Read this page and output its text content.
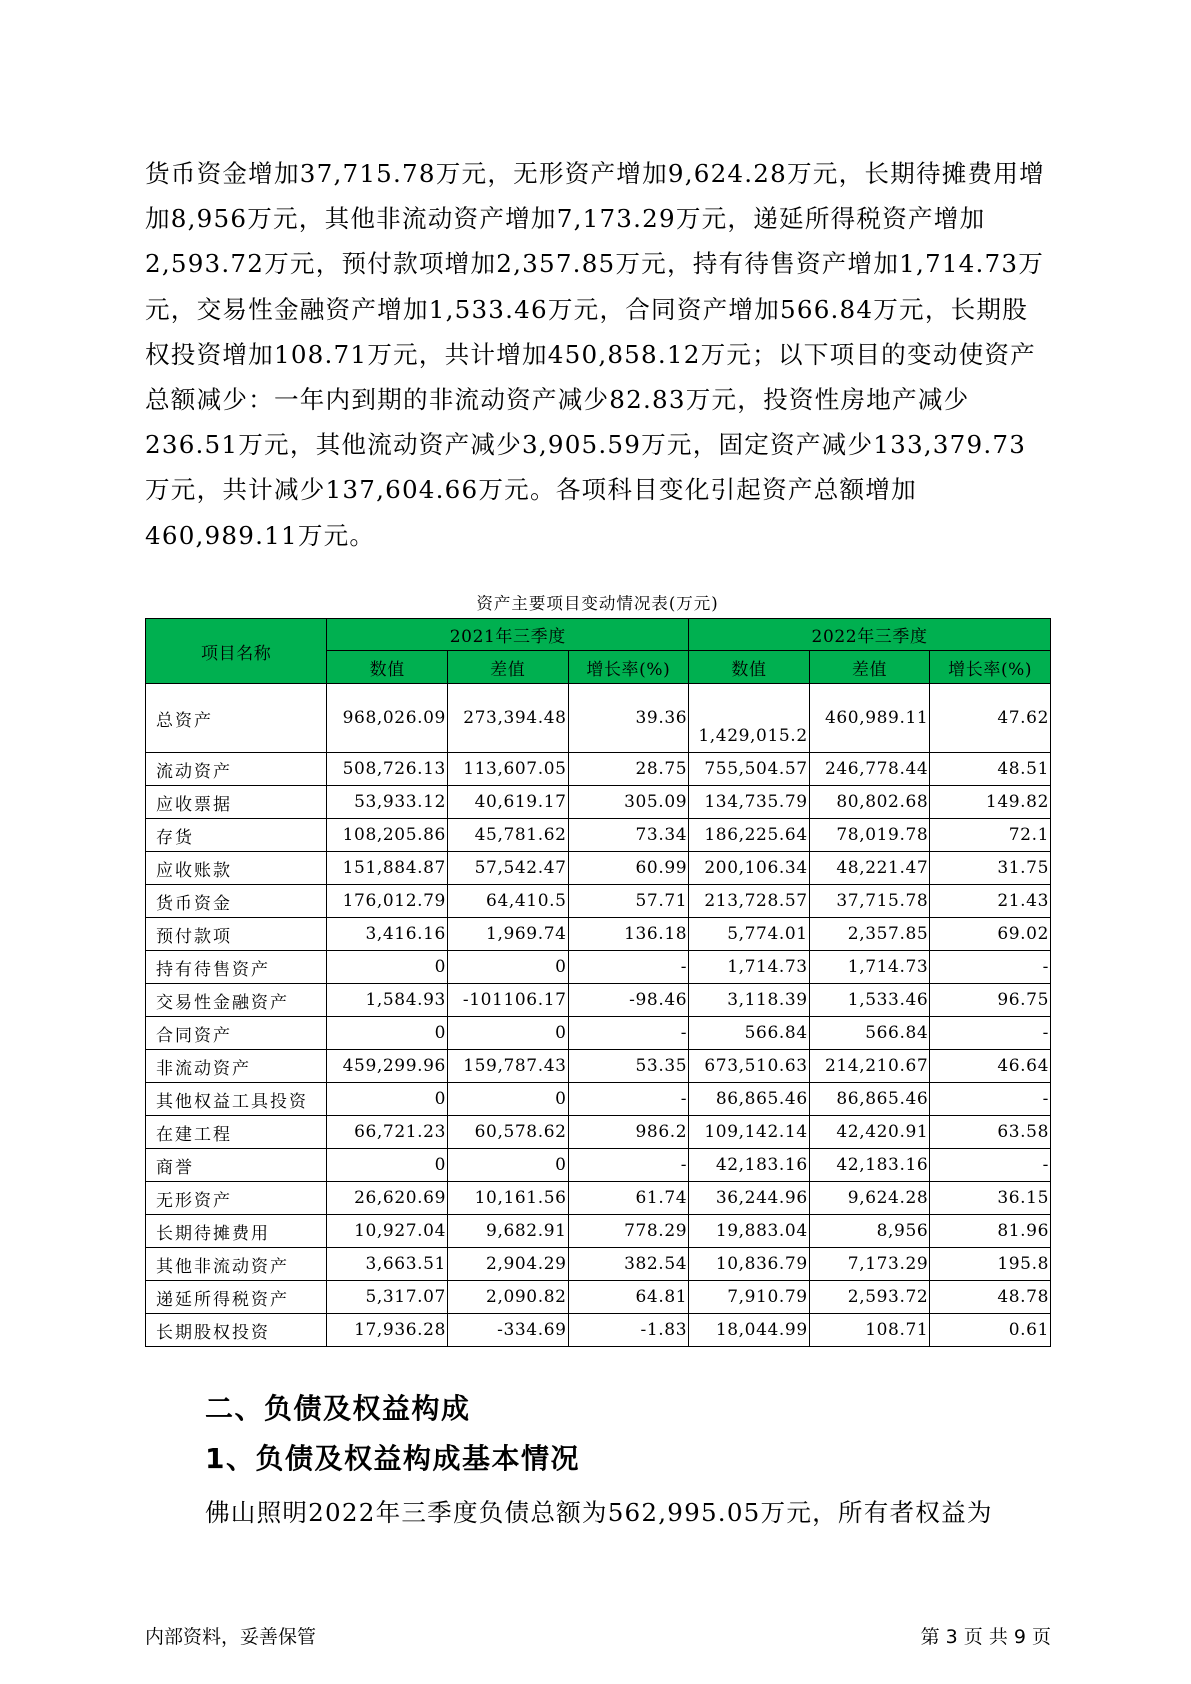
货币资金增加37,715.78万元，无形资产增加9,624.28万元，长期待摊费用增加8,956万元，其他非流动资产增加7,173.29万元，递延所得税资产增加2,593.72万元，预付款项增加2,357.85万元，持有待售资产增加1,714.73万元，交易性金融资产增加1,533.46万元，合同资产增加566.84万元，长期股权投资增加108.71万元，共计增加450,858.12万元；以下项目的变动使资产总额减少：一年内到期的非流动资产减少82.83万元，投资性房地产减少236.51万元，其他流动资产减少3,905.59万元，固定资产减少133,379.73万元，共计减少137,604.66万元。各项科目变化引起资产总额增加460,989.11万元。

资产主要项目变动情况表(万元)
项目名称	2021年三季度			2022年三季度		
	数值	差值	增长率(%)	数值	差值	增长率(%)
总资产	968,026.09	273,394.48	39.36	1,429,015.2	460,989.11	47.62
流动资产	508,726.13	113,607.05	28.75	755,504.57	246,778.44	48.51
应收票据	53,933.12	40,619.17	305.09	134,735.79	80,802.68	149.82
存货	108,205.86	45,781.62	73.34	186,225.64	78,019.78	72.1
应收账款	151,884.87	57,542.47	60.99	200,106.34	48,221.47	31.75
货币资金	176,012.79	64,410.5	57.71	213,728.57	37,715.78	21.43
预付款项	3,416.16	1,969.74	136.18	5,774.01	2,357.85	69.02
持有待售资产	0	0	-	1,714.73	1,714.73	-
交易性金融资产	1,584.93	-101106.17	-98.46	3,118.39	1,533.46	96.75
合同资产	0	0	-	566.84	566.84	-
非流动资产	459,299.96	159,787.43	53.35	673,510.63	214,210.67	46.64
其他权益工具投资	0	0	-	86,865.46	86,865.46	-
在建工程	66,721.23	60,578.62	986.2	109,142.14	42,420.91	63.58
商誉	0	0	-	42,183.16	42,183.16	-
无形资产	26,620.69	10,161.56	61.74	36,244.96	9,624.28	36.15
长期待摊费用	10,927.04	9,682.91	778.29	19,883.04	8,956	81.96
其他非流动资产	3,663.51	2,904.29	382.54	10,836.79	7,173.29	195.8
递延所得税资产	5,317.07	2,090.82	64.81	7,910.79	2,593.72	48.78
长期股权投资	17,936.28	-334.69	-1.83	18,044.99	108.71	0.61
二、负债及权益构成
1、负债及权益构成基本情况

佛山照明2022年三季度负债总额为562,995.05万元，所有者权益为

内部资料，妥善保管	第 3 页 共 9 页
